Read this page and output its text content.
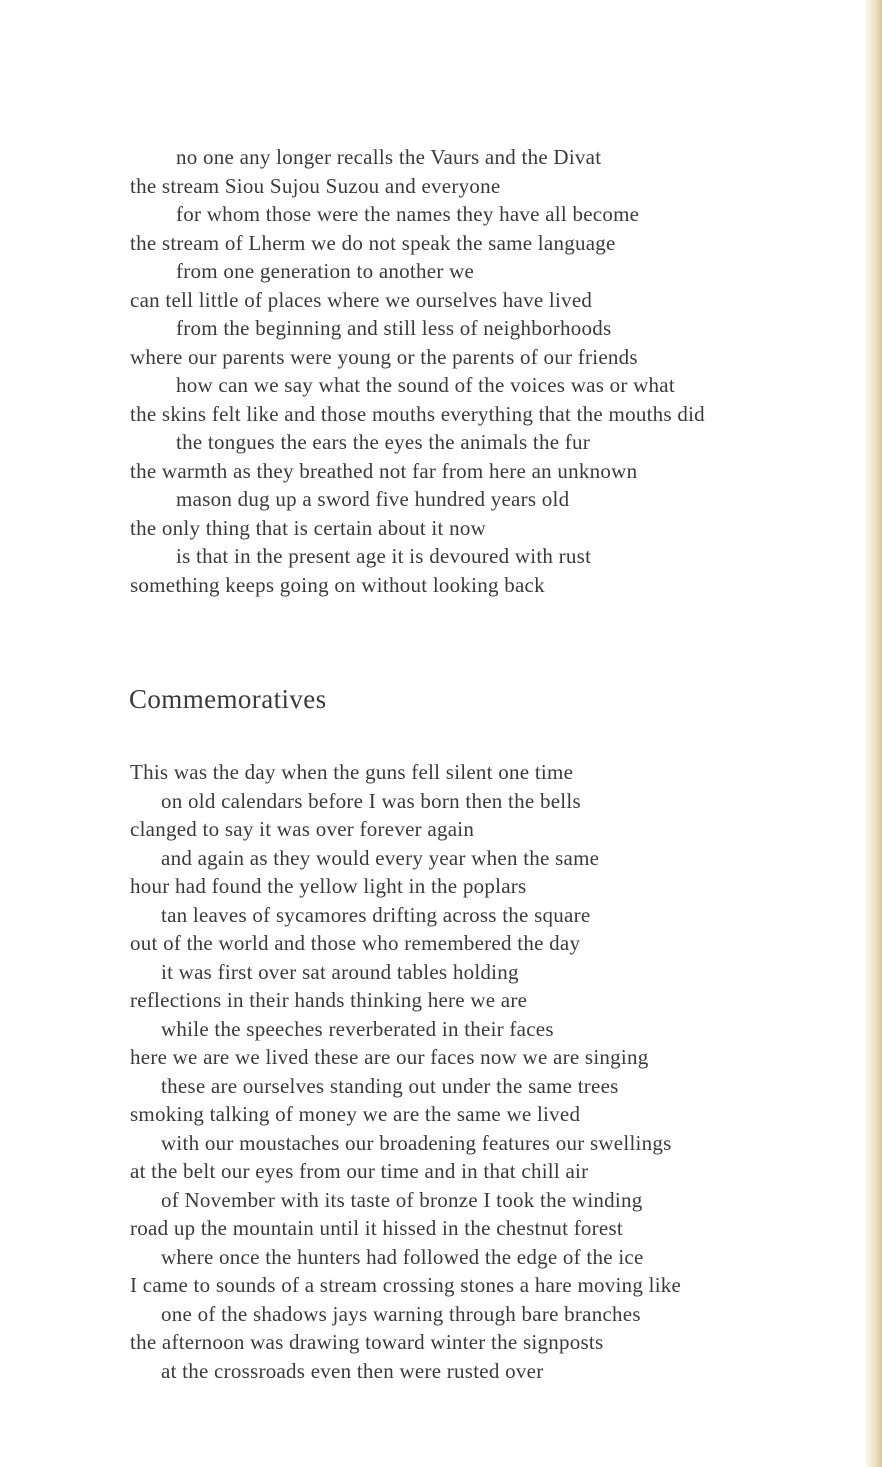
no one any longer recalls the Vaurs and the Divat
the stream Siou Sujou Suzou and everyone
for whom those were the names they have all become
the stream of Lherm we do not speak the same language
from one generation to another we
can tell little of places where we ourselves have lived
from the beginning and still less of neighborhoods
where our parents were young or the parents of our friends
how can we say what the sound of the voices was or what
the skins felt like and those mouths everything that the mouths did
the tongues the ears the eyes the animals the fur
the warmth as they breathed not far from here an unknown
mason dug up a sword five hundred years old
the only thing that is certain about it now
is that in the present age it is devoured with rust
something keeps going on without looking back
Commemoratives
This was the day when the guns fell silent one time
on old calendars before I was born then the bells
clanged to say it was over forever again
and again as they would every year when the same
hour had found the yellow light in the poplars
tan leaves of sycamores drifting across the square
out of the world and those who remembered the day
it was first over sat around tables holding
reflections in their hands thinking here we are
while the speeches reverberated in their faces
here we are we lived these are our faces now we are singing
these are ourselves standing out under the same trees
smoking talking of money we are the same we lived
with our moustaches our broadening features our swellings
at the belt our eyes from our time and in that chill air
of November with its taste of bronze I took the winding
road up the mountain until it hissed in the chestnut forest
where once the hunters had followed the edge of the ice
I came to sounds of a stream crossing stones a hare moving like
one of the shadows jays warning through bare branches
the afternoon was drawing toward winter the signposts
at the crossroads even then were rusted over
